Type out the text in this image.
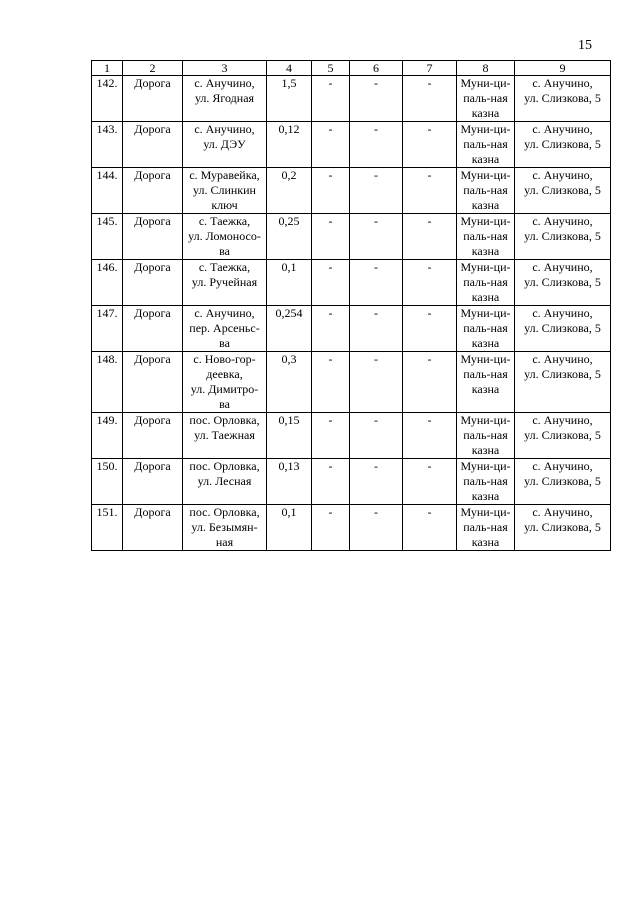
15
1	2	3	4	5	6	7	8	9
142.	Дорога	с. Анучино,
ул. Ягодная	1,5	-	-	-	Муни-ци-
паль-ная
казна	с. Анучино,
ул. Слизкова, 5
143.	Дорога	с. Анучино,
ул. ДЭУ	0,12	-	-	-	Муни-ци-
паль-ная
казна	с. Анучино,
ул. Слизкова, 5
144.	Дорога	с. Муравейка,
ул. Слинкин
ключ	0,2	-	-	-	Муни-ци-
паль-ная
казна	с. Анучино,
ул. Слизкова, 5
145.	Дорога	с. Таежка,
ул. Ломоносо-
ва	0,25	-	-	-	Муни-ци-
паль-ная
казна	с. Анучино,
ул. Слизкова, 5
146.	Дорога	с. Таежка,
ул. Ручейная	0,1	-	-	-	Муни-ци-
паль-ная
казна	с. Анучино,
ул. Слизкова, 5
147.	Дорога	с. Анучино,
пер. Арсеньс-
ва	0,254	-	-	-	Муни-ци-
паль-ная
казна	с. Анучино,
ул. Слизкова, 5
148.	Дорога	с. Ново-гор-
деевка,
ул. Димитро-
ва	0,3	-	-	-	Муни-ци-
паль-ная
казна	с. Анучино,
ул. Слизкова, 5
149.	Дорога	пос. Орловка,
ул. Таежная	0,15	-	-	-	Муни-ци-
паль-ная
казна	с. Анучино,
ул. Слизкова, 5
150.	Дорога	пос. Орловка,
ул. Лесная	0,13	-	-	-	Муни-ци-
паль-ная
казна	с. Анучино,
ул. Слизкова, 5
151.	Дорога	пос. Орловка,
ул. Безымян-
ная	0,1	-	-	-	Муни-ци-
паль-ная
казна	с. Анучино,
ул. Слизкова, 5
